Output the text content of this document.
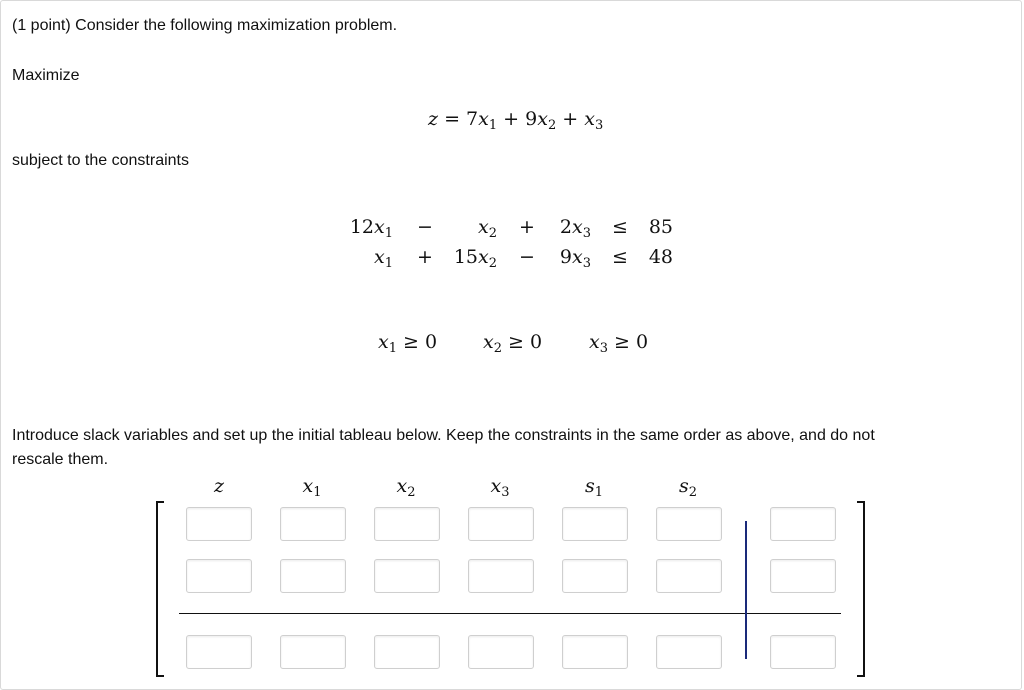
(1 point) Consider the following maximization problem.

Maximize

$z = 7x_1 + 9x_2 + x_3$

subject to the constraints

$12x_1$ −	$x_2$ +	$2x_3$ ≤	85
$x_1 + 15x_2$ −	$9x_3$ ≤	48
$x_1 \ge 0$ $x_2 \ge 0$ $x_3 \ge 0$

Introduce slack variables and set up the initial tableau below. Keep the constraints in the same order as above, and do not

rescale them.

z	$x_1$	$x_2$	$x_3$	$s_1$	$s_2$
